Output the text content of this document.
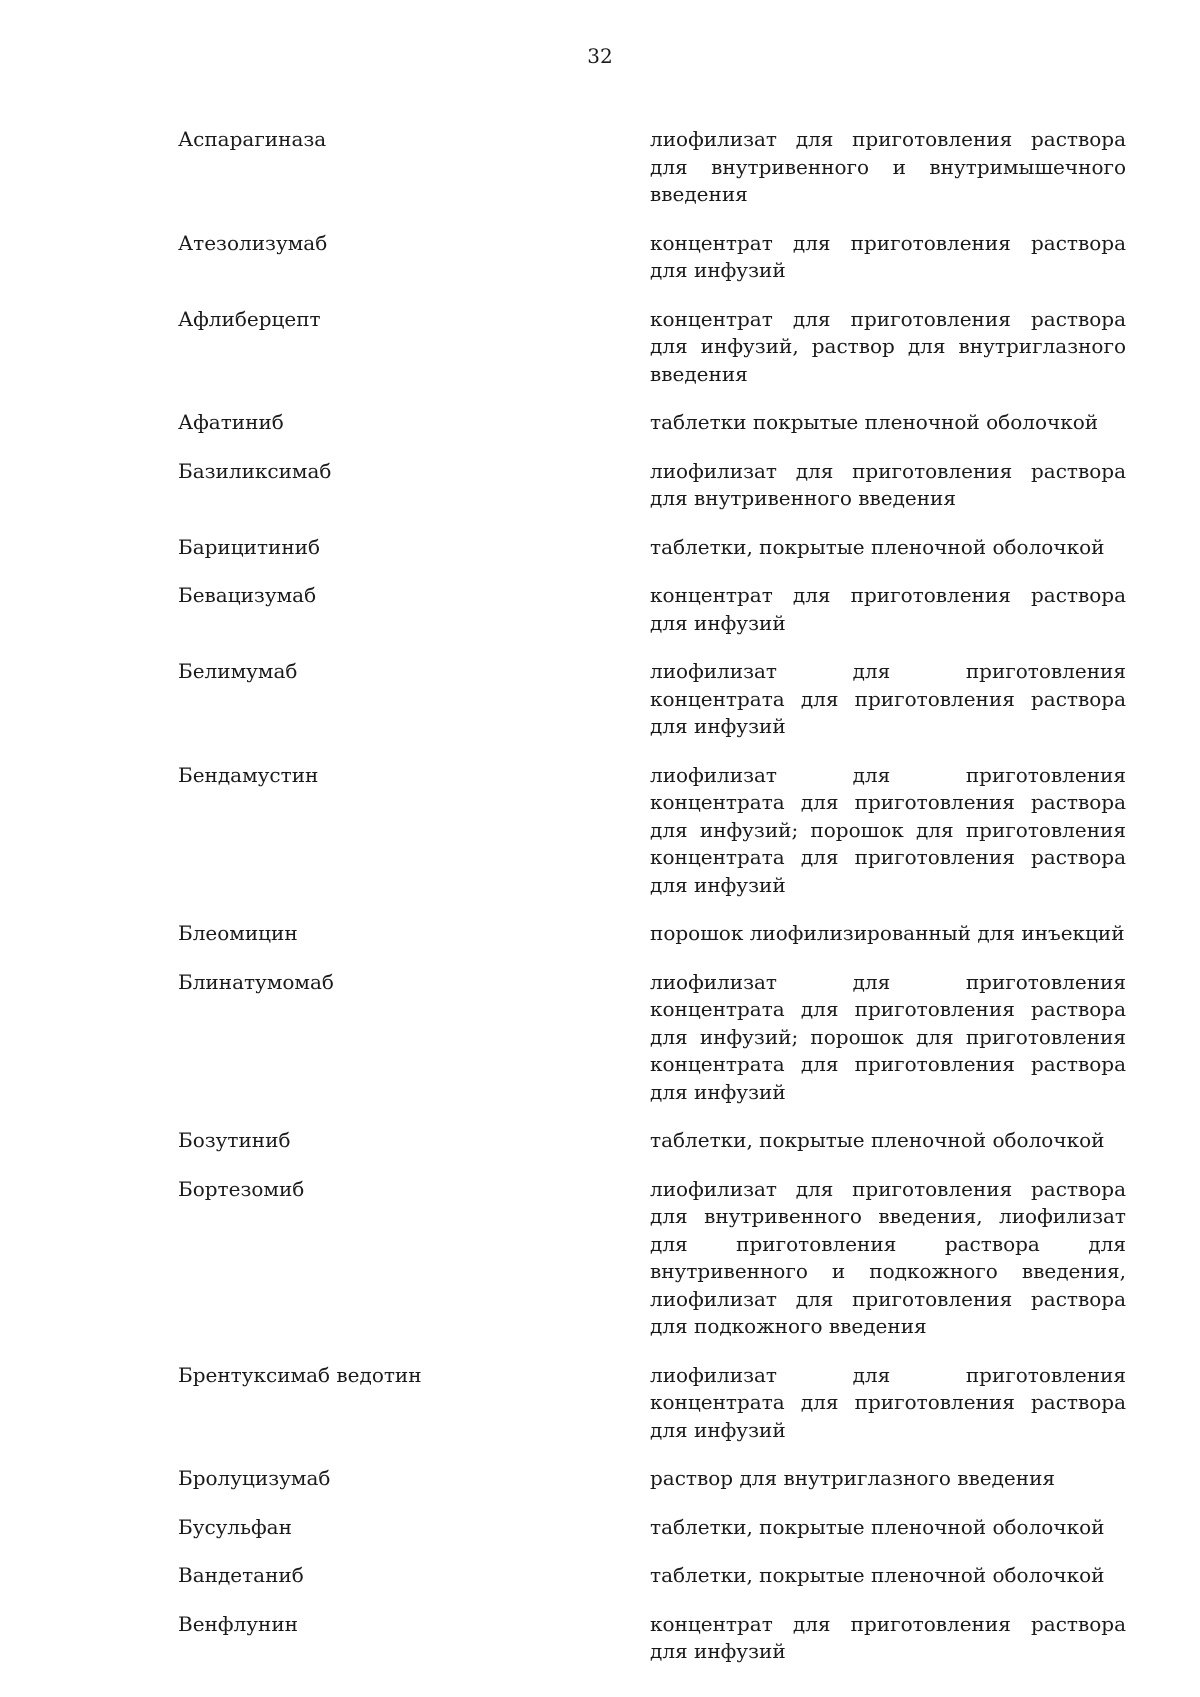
32
Аспарагиназа	лиофилизат для приготовления раствора для внутривенного и внутримышечного введения
Атезолизумаб	концентрат для приготовления раствора для инфузий
Афлиберцепт	концентрат для приготовления раствора для инфузий, раствор для внутриглазного введения
Афатиниб	таблетки покрытые пленочной оболочкой
Базиликсимаб	лиофилизат для приготовления раствора для внутривенного введения
Барицитиниб	таблетки, покрытые пленочной оболочкой
Бевацизумаб	концентрат для приготовления раствора для инфузий
Белимумаб	лиофилизат для приготовления концентрата для приготовления раствора для инфузий
Бендамустин	лиофилизат для приготовления концентрата для приготовления раствора для инфузий; порошок для приготовления концентрата для приготовления раствора для инфузий
Блеомицин	порошок лиофилизированный для инъекций
Блинатумомаб	лиофилизат для приготовления концентрата для приготовления раствора для инфузий; порошок для приготовления концентрата для приготовления раствора для инфузий
Бозутиниб	таблетки, покрытые пленочной оболочкой
Бортезомиб	лиофилизат для приготовления раствора для внутривенного введения, лиофилизат для приготовления раствора для внутривенного и подкожного введения, лиофилизат для приготовления раствора для подкожного введения
Брентуксимаб ведотин	лиофилизат для приготовления концентрата для приготовления раствора для инфузий
Бролуцизумаб	раствор для внутриглазного введения
Бусульфан	таблетки, покрытые пленочной оболочкой
Вандетаниб	таблетки, покрытые пленочной оболочкой
Венфлунин	концентрат для приготовления раствора для инфузий
